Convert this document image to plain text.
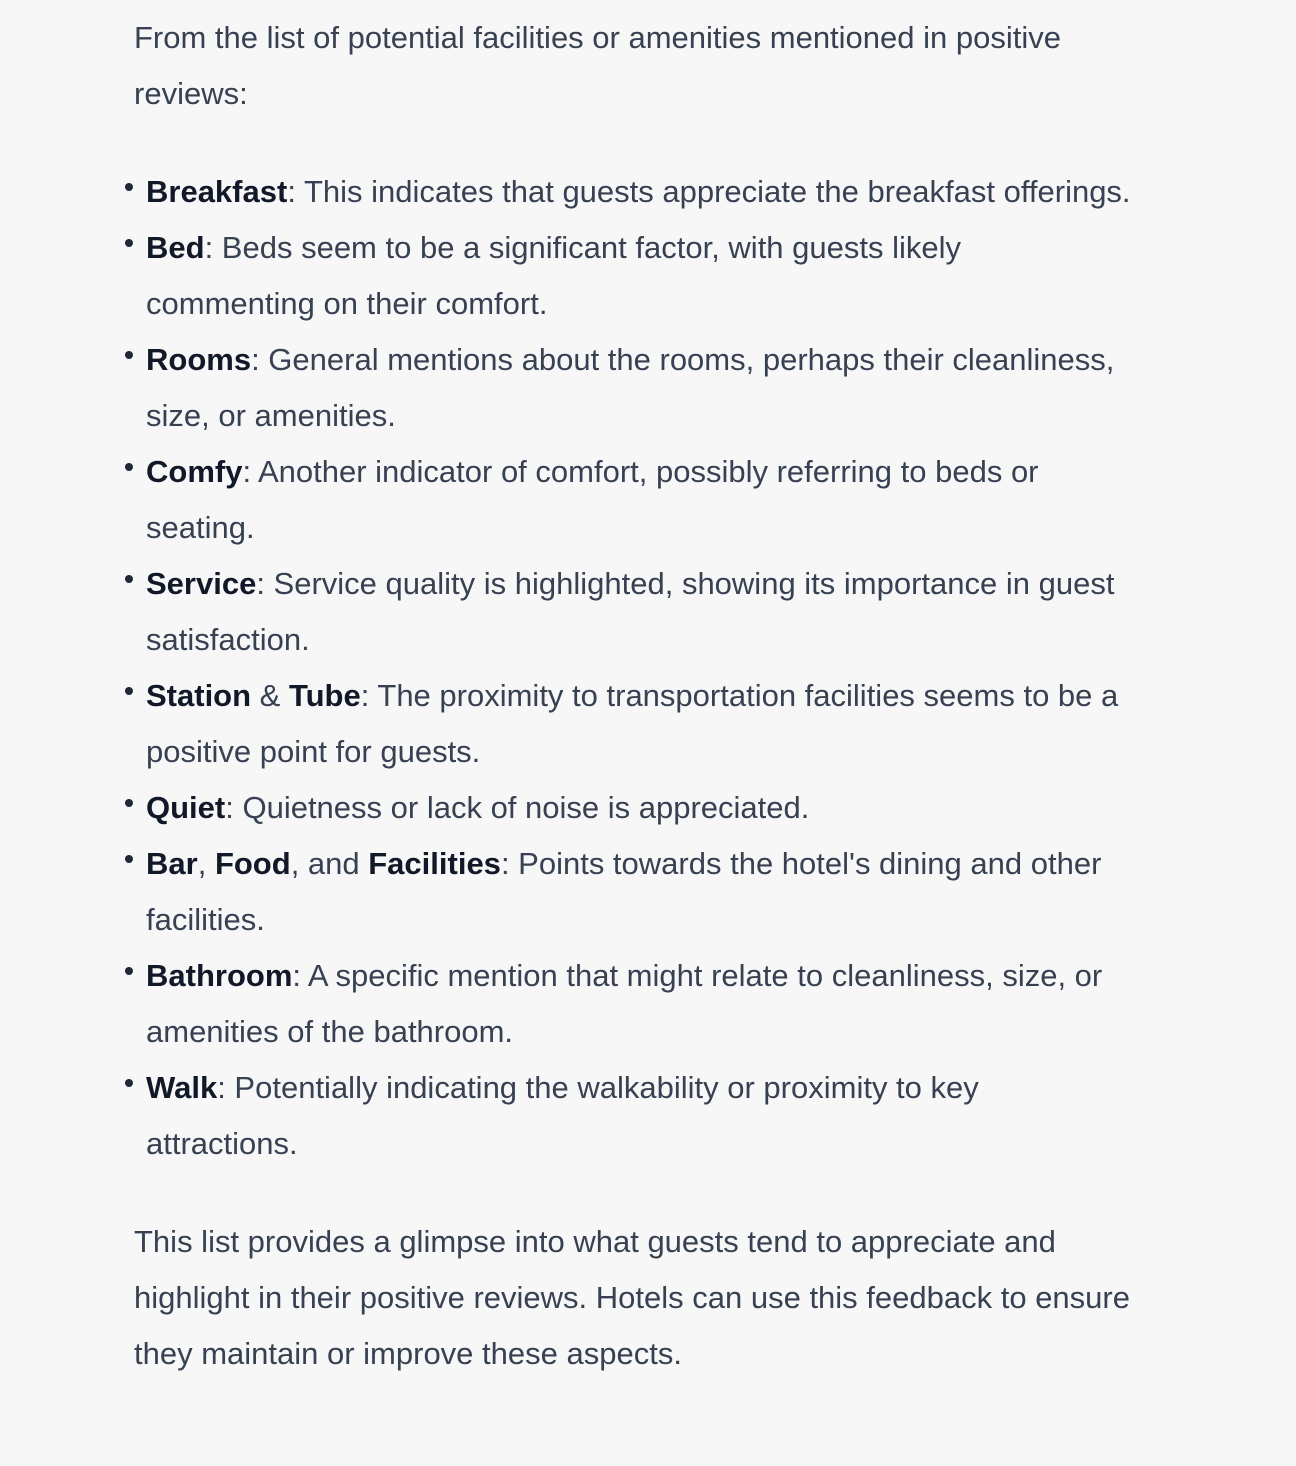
From the list of potential facilities or amenities mentioned in positive reviews:

Breakfast: This indicates that guests appreciate the breakfast offerings.
Bed: Beds seem to be a significant factor, with guests likely commenting on their comfort.
Rooms: General mentions about the rooms, perhaps their cleanliness, size, or amenities.
Comfy: Another indicator of comfort, possibly referring to beds or seating.
Service: Service quality is highlighted, showing its importance in guest satisfaction.
Station & Tube: The proximity to transportation facilities seems to be a positive point for guests.
Quiet: Quietness or lack of noise is appreciated.
Bar, Food, and Facilities: Points towards the hotel's dining and other facilities.
Bathroom: A specific mention that might relate to cleanliness, size, or amenities of the bathroom.
Walk: Potentially indicating the walkability or proximity to key attractions.

This list provides a glimpse into what guests tend to appreciate and highlight in their positive reviews. Hotels can use this feedback to ensure they maintain or improve these aspects.
